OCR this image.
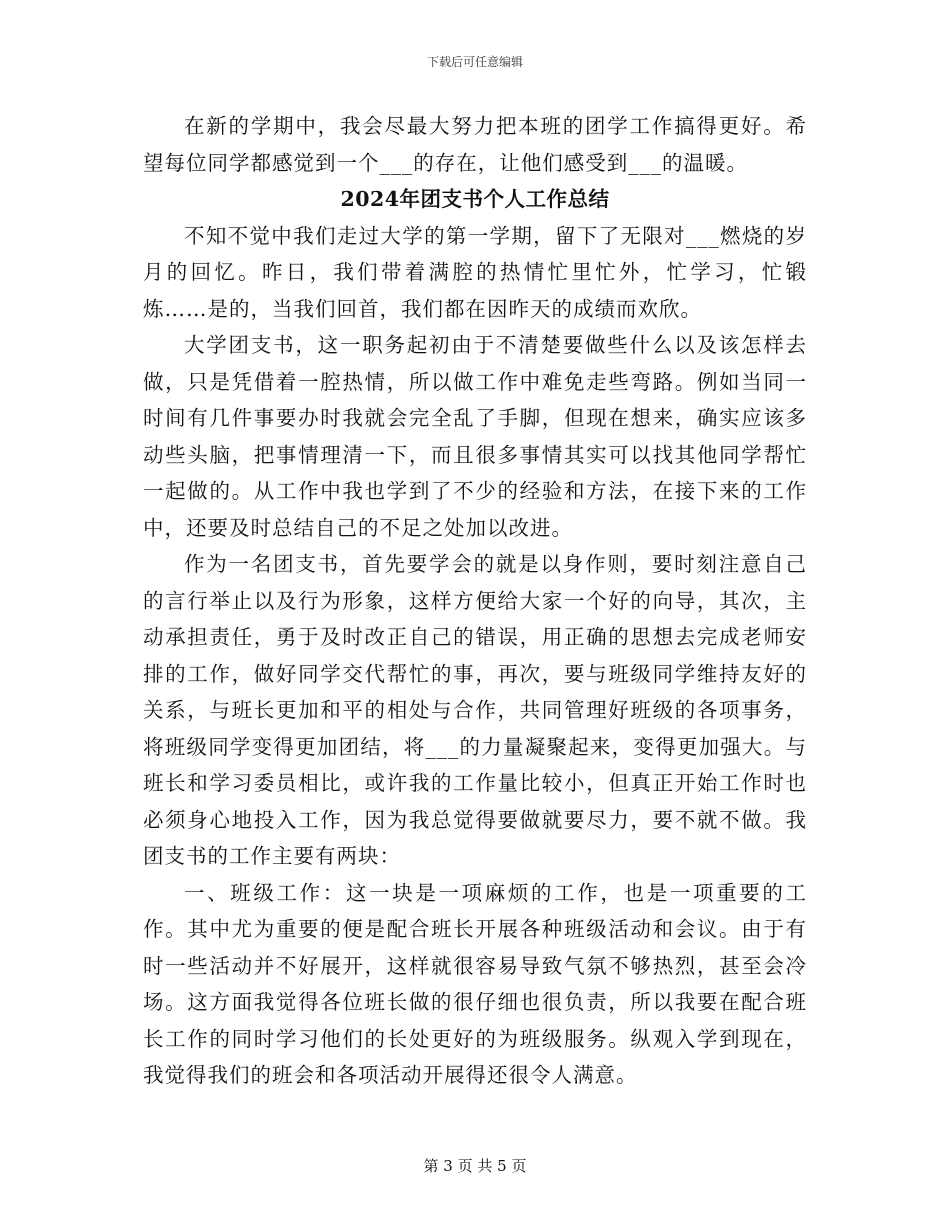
下载后可任意编辑

在新的学期中，我会尽最大努力把本班的团学工作搞得更好。希望每位同学都感觉到一个___的存在，让他们感受到___的温暖。

2024年团支书个人工作总结

不知不觉中我们走过大学的第一学期，留下了无限对___燃烧的岁月的回忆。昨日，我们带着满腔的热情忙里忙外，忙学习，忙锻炼……是的，当我们回首，我们都在因昨天的成绩而欢欣。

大学团支书，这一职务起初由于不清楚要做些什么以及该怎样去做，只是凭借着一腔热情，所以做工作中难免走些弯路。例如当同一时间有几件事要办时我就会完全乱了手脚，但现在想来，确实应该多动些头脑，把事情理清一下，而且很多事情其实可以找其他同学帮忙一起做的。从工作中我也学到了不少的经验和方法，在接下来的工作中，还要及时总结自己的不足之处加以改进。

作为一名团支书，首先要学会的就是以身作则，要时刻注意自己的言行举止以及行为形象，这样方便给大家一个好的向导，其次，主动承担责任，勇于及时改正自己的错误，用正确的思想去完成老师安排的工作，做好同学交代帮忙的事，再次，要与班级同学维持友好的关系，与班长更加和平的相处与合作，共同管理好班级的各项事务，将班级同学变得更加团结，将___的力量凝聚起来，变得更加强大。与班长和学习委员相比，或许我的工作量比较小，但真正开始工作时也必须身心地投入工作，因为我总觉得要做就要尽力，要不就不做。我团支书的工作主要有两块：

一、班级工作：这一块是一项麻烦的工作，也是一项重要的工作。其中尤为重要的便是配合班长开展各种班级活动和会议。由于有时一些活动并不好展开，这样就很容易导致气氛不够热烈，甚至会冷场。这方面我觉得各位班长做的很仔细也很负责，所以我要在配合班长工作的同时学习他们的长处更好的为班级服务。纵观入学到现在，我觉得我们的班会和各项活动开展得还很令人满意。

第 3 页 共 5 页
